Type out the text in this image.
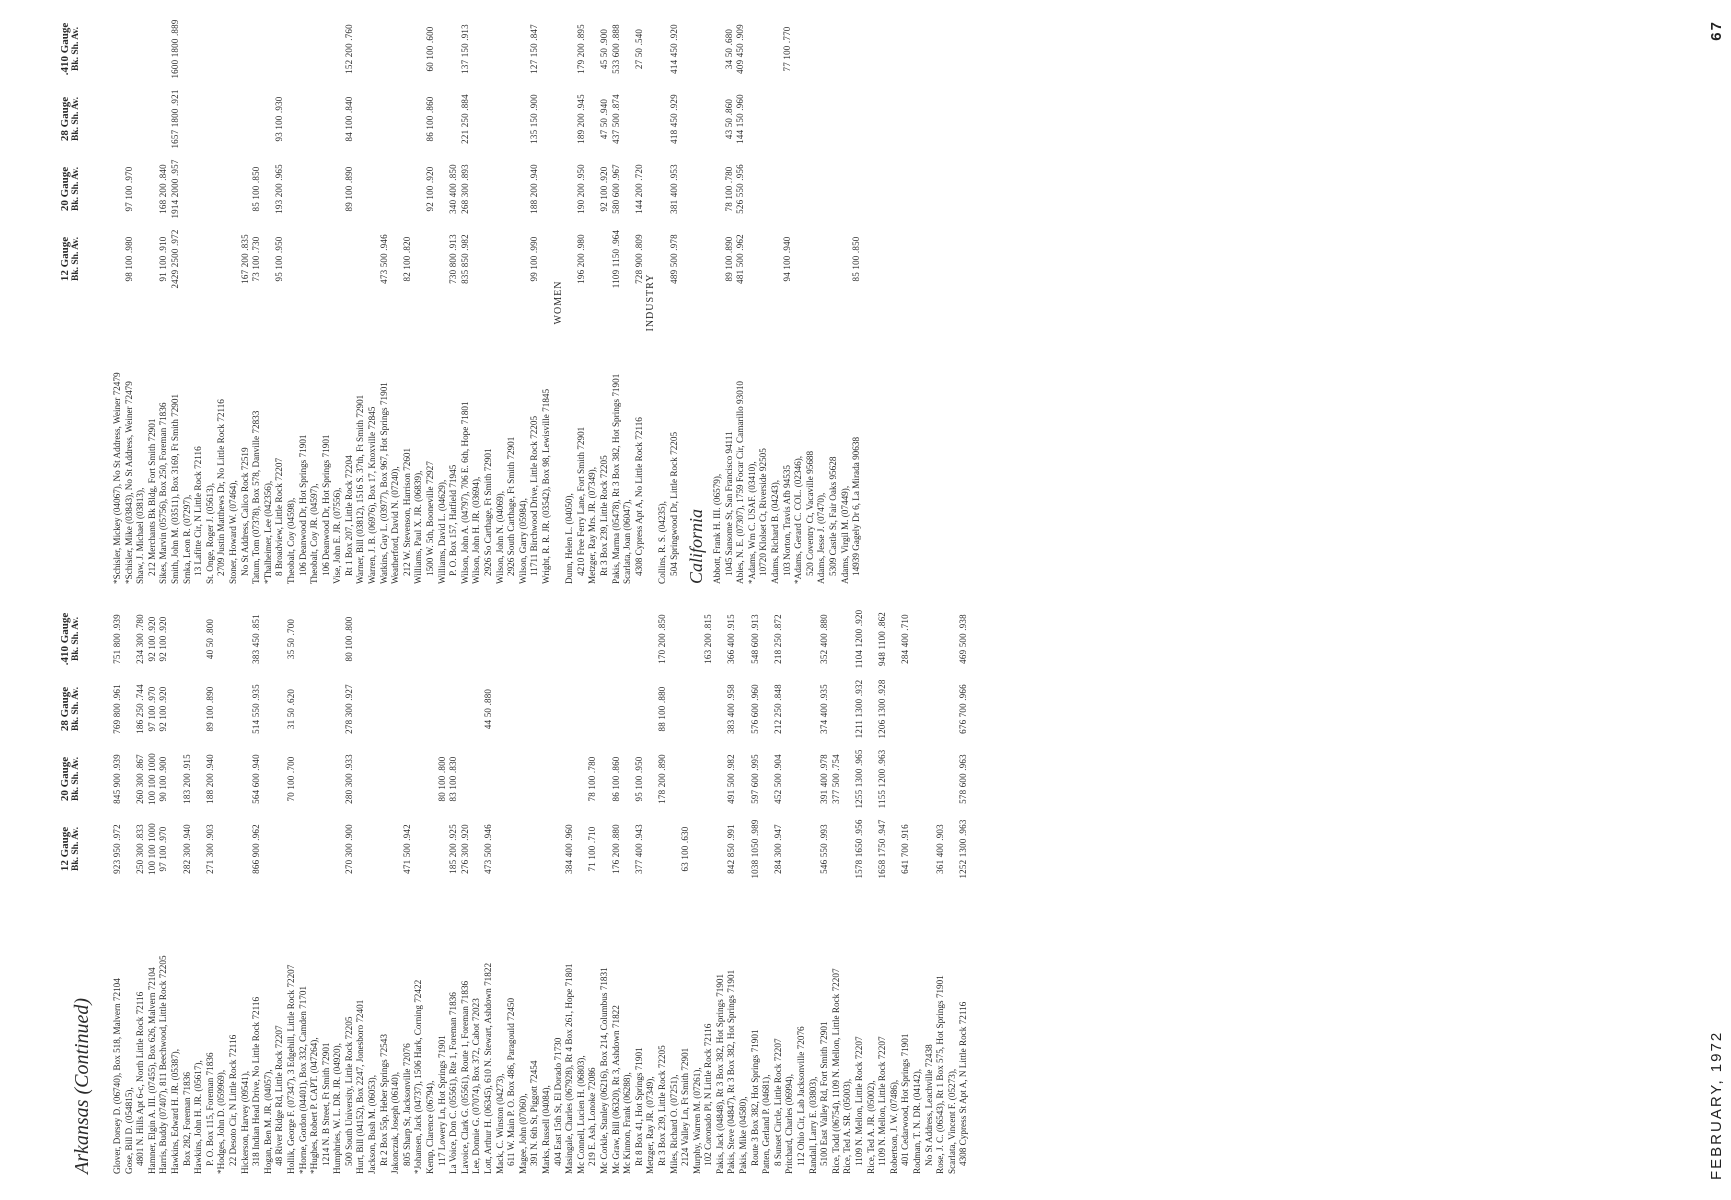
Arkansas (Continued)
12 Gauge Bk. Sh. Av.
20 Gauge Bk. Sh. Av.
28 Gauge Bk. Sh. Av.
.410 Gauge Bk. Sh. Av.
Glover, Dorsey D. (06740), Box 518, Malvern 72104
923 950 .972
845 900 .939
769 800 .961
751 800 .939
Gose, Bill D. (054815), 4801 N. Hills Apt 6-c, North Little Rock 72116
250 300 .833
260 300 .867
186 250 .744
234 300 .780
Hamner, Elgin A. III. (07455), Box 626, Malvern 72104
100 100 1000
100 100 1000
97 100 .970
92 100 .920
Harris, Buddy (07407), 811 Beechwood, Little Rock 72205
97 100 .970
90 100 .900
92 100 .920
92 100 .920
Hawkins, Edward H. JR. (05387), Box 282, Foreman 71836
282 300 .940
183 200 .915
Hawkins, John H. JR. (05617), P. O. Box 115, Foreman 71836
271 300 .903
188 200 .940
89 100 .890
40 50 .800
*Hodges, John D. (059969), 22 Desoto Cir, N Little Rock 72116 Hickerson, Harvey (09541), 318 Indian Head Drive, No Little Rock 72116
866 900 .962
564 600 .940
514 550 .935
383 450 .851
Hogan, Ben M. JR. (04057), 48 River Ridge Rd, Little Rock 72207 Hollik, George F. (07347), 3 Edgehill, Little Rock 72207
70 100 .700
31 50 .620
35 50 .700
*Horne, Gordon (04401), Box 332, Camden 71701 *Hughes, Robert P. CAPT. (047264), 1214 N. B Street, Ft Smith 72901 Humphries, W. L. DR. JR. (04920), 500 South University, Little Rock 72205
270 300 .900
280 300 .933
278 300 .927
80 100 .800
Hurt, Bill (04152), Box 2247, Jonesboro 72401 Jackson, Bush M. (06053), Rt 2 Box 55p, Heber Springs 72543 Jakonczuk, Joseph (06140), 805 Sharp St, Jacksonville 72076
471 500 .942
*Johansen, Jack (04737), 1506 Hark, Corning 72422 Kemp, Clarence (06794), 117 Lowery Ln, Hot Springs 71901
80 100 .800
La Voice, Don C. (05561), Rte 1, Foreman 71836
185 200 .925
83 100 .830
Lavoice, Clark G. (05561), Route 1, Foreman 71836
276 300 .920
Lee, Donnie G. (07074), Box 372, Cabot 72023 Lott, Arthur H. (06345), 610 N. Stewart, Ashdown 71822
473 500 .946
44 50 .880
Mack, C. Winston (04273), 611 W. Main P. O. Box 486, Paragould 72450 Magee, John (07060), 391 N. 6th St, Piggott 72454 Marks, Russell (04084), 404 East 15th St, El Dorado 71730 Masingale, Charles (067928), Rt 4 Box 261, Hope 71801
384 400 .960
Mc Connell, Lucien H. (06803), 219 E. Ash, Lonoke 72086
71 100 .710
78 100 .780
Mc Corkle, Stanley (06216), Box 214, Columbus 71831 Mc Graw, Bill (06320), Rt 3, Ashdown 71822
176 200 .880
86 100 .860
Mc Kinnon, Frank (06288), Rt 8 Box 41, Hot Springs 71901
377 400 .943
95 100 .950
Metzger, Ray JR. (07349), Rt 3 Box 239, Little Rock 72205
178 200 .890
88 100 .880
170 200 .850
Miles, Richard O. (07251), 2124 Valley Ln, Ft Smith 72901
63 100 .630
Murphy, Warren M. (07261), 102 Coronado Pl, N Little Rock 72116
163 200 .815
Pakis, Jack (04848), Rt 3 Box 382, Hot Springs 71901 Pakis, Steve (04847), Rt 3 Box 382, Hot Springs 71901
842 850 .991
491 500 .982
383 400 .958
366 400 .915
Pakis, Mike (04580), Route 3 Box 382, Hot Springs 71901
1038 1050 .989
597 600 .995
576 600 .960
548 600 .913
Patten, Gerland P. (04681), 8 Sunset Circle, Little Rock 72207
284 300 .947
452 500 .904
212 250 .848
218 250 .872
Pritchard, Charles (06994), 112 Ohio Cir, Lab Jacksonville 72076 Randall, Larry E. (03803), 5100 East Valley Rd, Fort Smith 72901
546 550 .993
391 400 .978
374 400 .935
352 400 .880
Rice, Todd (06754), 1109 N. Mellon, Little Rock 72207
377 500 .754
Rice, Ted A. SR. (05003), 1109 N. Mellon, Little Rock 72207
1578 1650 .956
1255 1300 .965
1211 1300 .932
1104 1200 .920
Rice, Ted A. JR. (05002), 1109 N. Mellon, Little Rock 72207
1658 1750 .947
1155 1200 .963
1206 1300 .928
948 1100 .862
Robertson, J. W. (07486), 401 Cedarwood, Hot Springs 71901
641 700 .916
284 400 .710
Rodman, T. N. DR. (04142), No St Address, Leachville 72438 Rose, J. C. (06543), Rt 1 Box 575, Hot Springs 71901
361 400 .903
Scarlata, Vincent F. (05273), 4308 Cypress St Apt A, N Little Rock 72116
1252 1300 .963
578 600 .963
676 700 .966
469 500 .938
12 Gauge Bk. Sh. Av.
20 Gauge Bk. Sh. Av.
28 Gauge Bk. Sh. Av.
.410 Gauge Bk. Sh. Av.
*Schisler, Mickey (04067), No St Address, Weiner 72479 *Schisler, Mike (03843), No St Address, Weiner 72479
98 100 .980
97 100 .970
Shaw, J. Michael (03813), 212 Merchants Bk Bldg, Fort Smith 72901 Sikes, Marvin (05756), Box 250, Foreman 71836
91 100 .910
168 200 .840
Smith, John M. (03511), Box 3169, Ft Smith 72901
2429 2500 .972
1914 2000 .957
1657 1800 .921
1600 1800 .889
Srnka, Leon R. (07297), 13 Lafitte Cir, N Little Rock 72116 St. Onge, Roger J. (05613), 2709 Justin Matthews Dr, No Little Rock 72116 Stoner, Howard W. (07464), No St Address, Calico Rock 72519
167 200 .835
Tatum, Tom (07378), Box 578, Danville 72833
73 100 .730
85 100 .850
*Thalheimer, Lee (042356), 8 Broadview, Little Rock 72207
95 100 .950
193 200 .965
93 100 .930
Theobalt, Coy (04598), 106 Deanwood Dr, Hot Springs 71901 Theobalt, Coy JR. (04597), 106 Deanwood Dr, Hot Springs 71901 Vise, John E. JR. (07556), Rt 1 Box 207, Little Rock 72204
89 100 .890
84 100 .840
152 200 .760
Warner, Bill (03812), 1516 S. 37th, Ft Smith 72901 Warren, J. B. (06976), Box 17, Knoxville 72845 Watkins, Guy L. (03977), Box 967, Hot Springs 71901
473 500 .946
Weatherford, David N. (07240), 212 W. Stevenson, Harrison 72601
82 100 .820
Williams, Paul X. JR. (06839), 1500 W. 5th, Booneville 72927
92 100 .920
86 100 .860
60 100 .600
Williams, David L. (04629), P. O. Box 157, Hatfield 71945
730 800 .913
340 400 .850
Wilson, John A. (04797), 706 E. 6th, Hope 71801
835 850 .982
268 300 .893
221 250 .884
137 150 .913
Wilson, John H. JR. (03694), 2926 So Carthage, Ft Smith 72901 Wilson, John N. (04069), 2926 South Carthage, Ft Smith 72901 Wilson, Garry (05984), 11711 Birchwood Drive, Little Rock 72205
99 100 .990
188 200 .940
135 150 .900
127 150 .847
Wright, R. R. JR. (03542), Box 98, Lewisville 71845
WOMEN
Dunn, Helen L. (04050), 4210 Free Ferry Lane, Fort Smith 72901
196 200 .980
190 200 .950
189 200 .945
179 200 .895
Metzger, Ray Mrs. JR. (07349), Rt 3 Box 239, Little Rock 72205
92 100 .920
47 50 .940
45 50 .900
Pakis, Marma (05478), Rt 3 Box 382, Hot Springs 71901
1109 1150 .964
580 600 .967
437 500 .874
533 600 .888
Scarlata, Joan (06047), 4308 Cypress Apt A, No Little Rock 72116
728 900 .809
144 200 .720
27 50 .540
INDUSTRY
Collins, R. S. (04235), 504 Springwood Dr, Little Rock 72205
489 500 .978
381 400 .953
418 450 .929
414 450 .920
California Abbott, Frank H. III. (06579), 1045 Sansome St, San Francisco 94111
89 100 .890
78 100 .780
43 50 .860
34 50 .680
Ables, N. E. (07307), 1759 Focar Cir, Camarillo 93010
481 500 .962
526 550 .956
144 150 .960
409 450 .909
*Adams, Wm C. USAF. (03410), 10720 Klolset Ct, Riverside 92505 Adams, Richard B. (04243), 103 Norton, Travis Afb 94535
94 100 .940
77 100 .770
*Adams, Gerard C. COL. (02346), 520 Coventry Ct, Vacaville 95688 Adams, Jesse J. (07470), 5309 Castle St, Fair Oaks 95628 Adams, Virgil M. (07449), 14939 Gagely Dr 6, La Mirada 90638
85 100 .850
FEBRUARY, 1972
67
